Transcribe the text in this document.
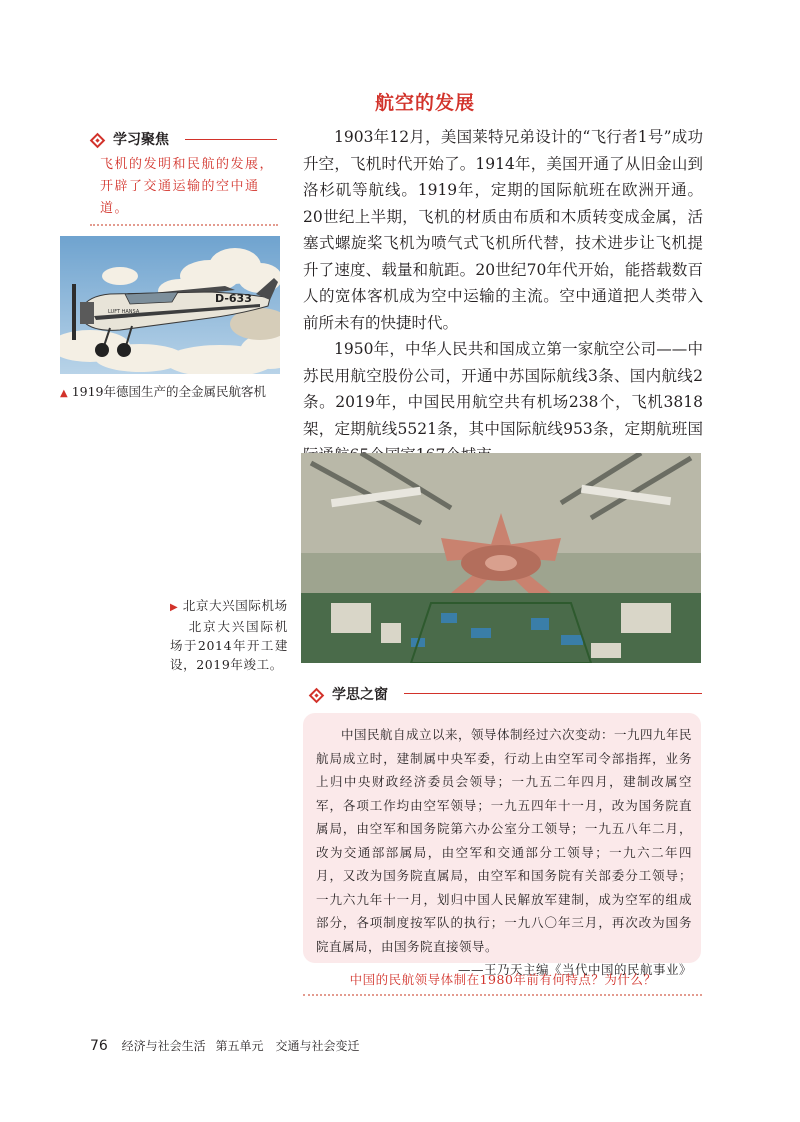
航空的发展
学习聚焦
飞机的发明和民航的发展，开辟了交通运输的空中通道。
LUFT HANSA
D-633
▲ 1919年德国生产的全金属民航客机

1903年12月，美国莱特兄弟设计的“飞行者1号”成功升空，飞机时代开始了。1914年，美国开通了从旧金山到洛杉矶等航线。1919年，定期的国际航班在欧洲开通。20世纪上半期，飞机的材质由布质和木质转变成金属，活塞式螺旋桨飞机为喷气式飞机所代替，技术进步让飞机提升了速度、载量和航距。20世纪70年代开始，能搭载数百人的宽体客机成为空中运输的主流。空中通道把人类带入前所未有的快捷时代。

1950年，中华人民共和国成立第一家航空公司——中苏民用航空股份公司，开通中苏国际航线3条、国内航线2条。2019年，中国民用航空共有机场238个，飞机3818架，定期航线5521条，其中国际航线953条，定期航班国

▶ 北京大兴国际机场
北京大兴国际机场于2014年开工建设，2019年竣工。
学思之窗

中国民航自成立以来，领导体制经过六次变动：一九四九年民航局成立时，建制属中央军委，行动上由空军司令部指挥，业务上归中央财政经济委员会领导；一九五二年四月，建制改属空军，各项工作均由空军领导；一九五四年十一月，改为国务院直属局，由空军和国务院第六办公室分工领导；一九五八年二月，改为交通部部属局，由空军和交通部分工领导；一九六二年四月，又改为国务院直属局，由空军和国务院有关部委分工领导；一九六九年十一月，划归中国人民解放军建制，成为空军的组成部分，各项制度按军队的执行；一九八〇年三月，再次改为国务院直属局，由国务院直接领导。

——王乃天主编《当代中国的民航事业》
中国的民航领导体制在1980年前有何特点？为什么？
76 经济与社会生活 第五单元　交通与社会变迁
